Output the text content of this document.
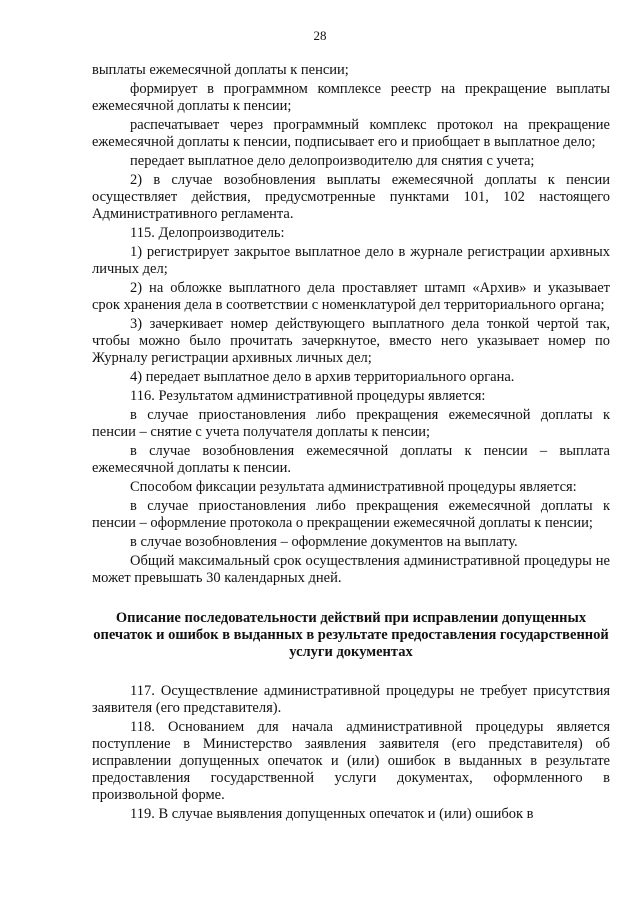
28

выплаты ежемесячной доплаты к пенсии;

формирует в программном комплексе реестр на прекращение выплаты ежемесячной доплаты к пенсии;

распечатывает через программный комплекс протокол на прекращение ежемесячной доплаты к пенсии, подписывает его и приобщает в выплатное дело;

передает выплатное дело делопроизводителю для снятия с учета;

2) в случае возобновления выплаты ежемесячной доплаты к пенсии осуществляет действия, предусмотренные пунктами 101, 102 настоящего Административного регламента.

115. Делопроизводитель:

1) регистрирует закрытое выплатное дело в журнале регистрации архивных личных дел;

2) на обложке выплатного дела проставляет штамп «Архив» и указывает срок хранения дела в соответствии с номенклатурой дел территориального органа;

3) зачеркивает номер действующего выплатного дела тонкой чертой так, чтобы можно было прочитать зачеркнутое, вместо него указывает номер по Журналу регистрации архивных личных дел;

4) передает выплатное дело в архив территориального органа.

116. Результатом административной процедуры является:

в случае приостановления либо прекращения ежемесячной доплаты к пенсии – снятие с учета получателя доплаты к пенсии;

в случае возобновления ежемесячной доплаты к пенсии – выплата ежемесячной доплаты к пенсии.

Способом фиксации результата административной процедуры является:

в случае приостановления либо прекращения ежемесячной доплаты к пенсии – оформление протокола о прекращении ежемесячной доплаты к пенсии;

в случае возобновления – оформление документов на выплату.

Общий максимальный срок осуществления административной процедуры не может превышать 30 календарных дней.

Описание последовательности действий при исправлении допущенных опечаток и ошибок в выданных в результате предоставления государственной услуги документах

117. Осуществление административной процедуры не требует присутствия заявителя (его представителя).

118. Основанием для начала административной процедуры является поступление в Министерство заявления заявителя (его представителя) об исправлении допущенных опечаток и (или) ошибок в выданных в результате предоставления государственной услуги документах, оформленного в произвольной форме.

119. В случае выявления допущенных опечаток и (или) ошибок в
